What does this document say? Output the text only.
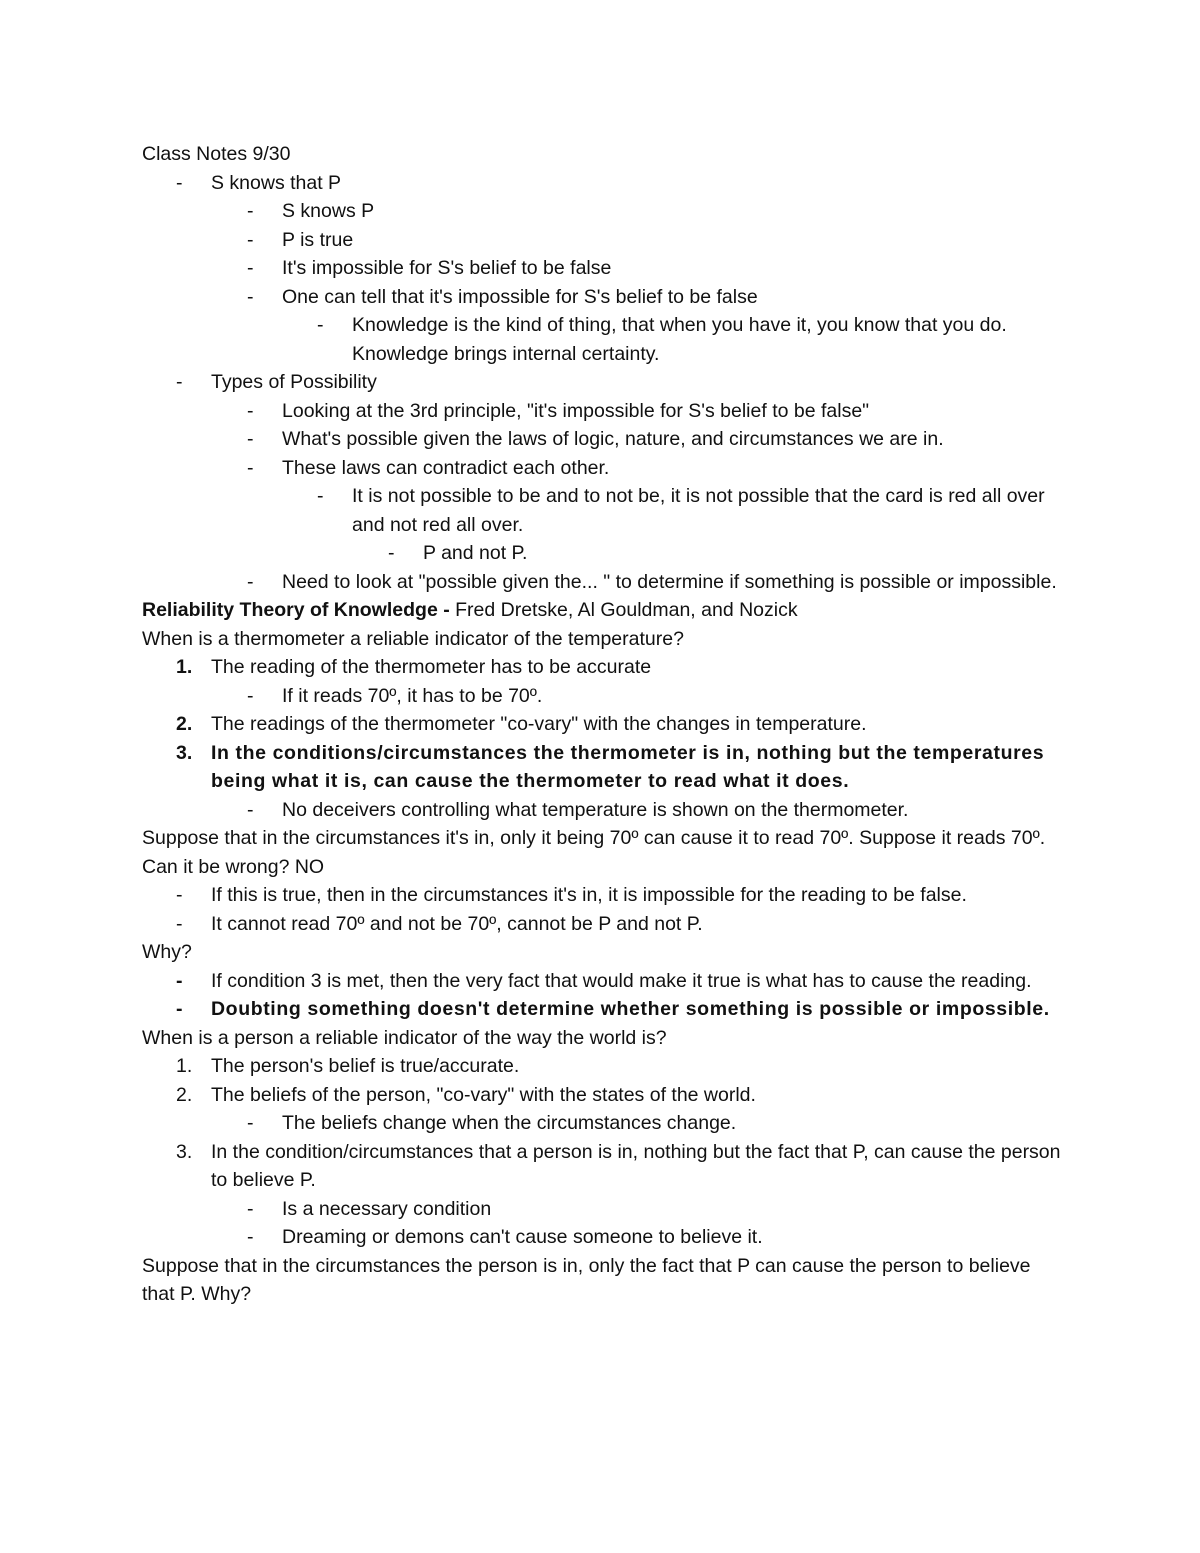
Class Notes 9/30
- S knows that P
- S knows P
- P is true
- It's impossible for S's belief to be false
- One can tell that it's impossible for S's belief to be false
- Knowledge is the kind of thing, that when you have it, you know that you do. Knowledge brings internal certainty.
- Types of Possibility
- Looking at the 3rd principle, "it's impossible for S's belief to be false"
- What's possible given the laws of logic, nature, and circumstances we are in.
- These laws can contradict each other.
- It is not possible to be and to not be, it is not possible that the card is red all over and not red all over.
- P and not P.
- Need to look at "possible given the... " to determine if something is possible or impossible.
Reliability Theory of Knowledge - Fred Dretske, Al Gouldman, and Nozick
When is a thermometer a reliable indicator of the temperature?
1. The reading of the thermometer has to be accurate
- If it reads 70º, it has to be 70º.
2. The readings of the thermometer "co-vary" with the changes in temperature.
3. In the conditions/circumstances the thermometer is in, nothing but the temperatures being what it is, can cause the thermometer to read what it does.
- No deceivers controlling what temperature is shown on the thermometer.
Suppose that in the circumstances it's in, only it being 70º can cause it to read 70º. Suppose it reads 70º. Can it be wrong? NO
- If this is true, then in the circumstances it's in, it is impossible for the reading to be false.
- It cannot read 70º and not be 70º, cannot be P and not P.
Why?
- If condition 3 is met, then the very fact that would make it true is what has to cause the reading.
- Doubting something doesn't determine whether something is possible or impossible.
When is a person a reliable indicator of the way the world is?
1. The person's belief is true/accurate.
2. The beliefs of the person, "co-vary" with the states of the world.
- The beliefs change when the circumstances change.
3. In the condition/circumstances that a person is in, nothing but the fact that P, can cause the person to believe P.
- Is a necessary condition
- Dreaming or demons can't cause someone to believe it.
Suppose that in the circumstances the person is in, only the fact that P can cause the person to believe that P. Why?
